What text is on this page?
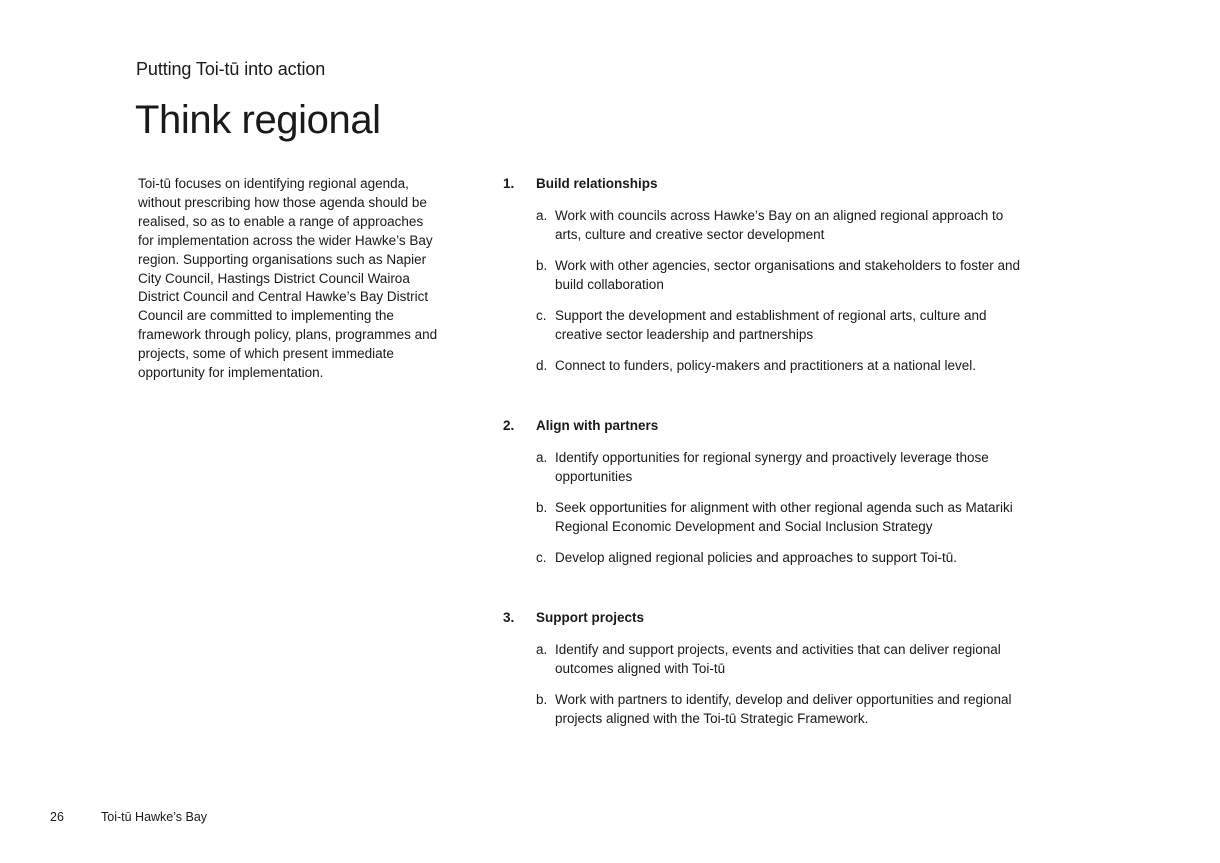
Putting Toi-tū into action
Think regional

Toi-tū focuses on identifying regional agenda, without prescribing how those agenda should be realised, so as to enable a range of approaches for implementation across the wider Hawke’s Bay region. Supporting organisations such as Napier City Council, Hastings District Council Wairoa District Council and Central Hawke’s Bay District Council are committed to implementing the framework through policy, plans, programmes and projects, some of which present immediate opportunity for implementation.

1. Build relationships
a. Work with councils across Hawke’s Bay on an aligned regional approach to arts, culture and creative sector development
b. Work with other agencies, sector organisations and stakeholders to foster and build collaboration
c. Support the development and establishment of regional arts, culture and creative sector leadership and partnerships
d. Connect to funders, policy-makers and practitioners at a national level.
2. Align with partners
a. Identify opportunities for regional synergy and proactively leverage those opportunities
b. Seek opportunities for alignment with other regional agenda such as Matariki Regional Economic Development and Social Inclusion Strategy
c. Develop aligned regional policies and approaches to support Toi-tū.
3. Support projects
a. Identify and support projects, events and activities that can deliver regional outcomes aligned with Toi-tū
b. Work with partners to identify, develop and deliver opportunities and regional projects aligned with the Toi-tū Strategic Framework.
26	Toi-tū Hawke’s Bay
